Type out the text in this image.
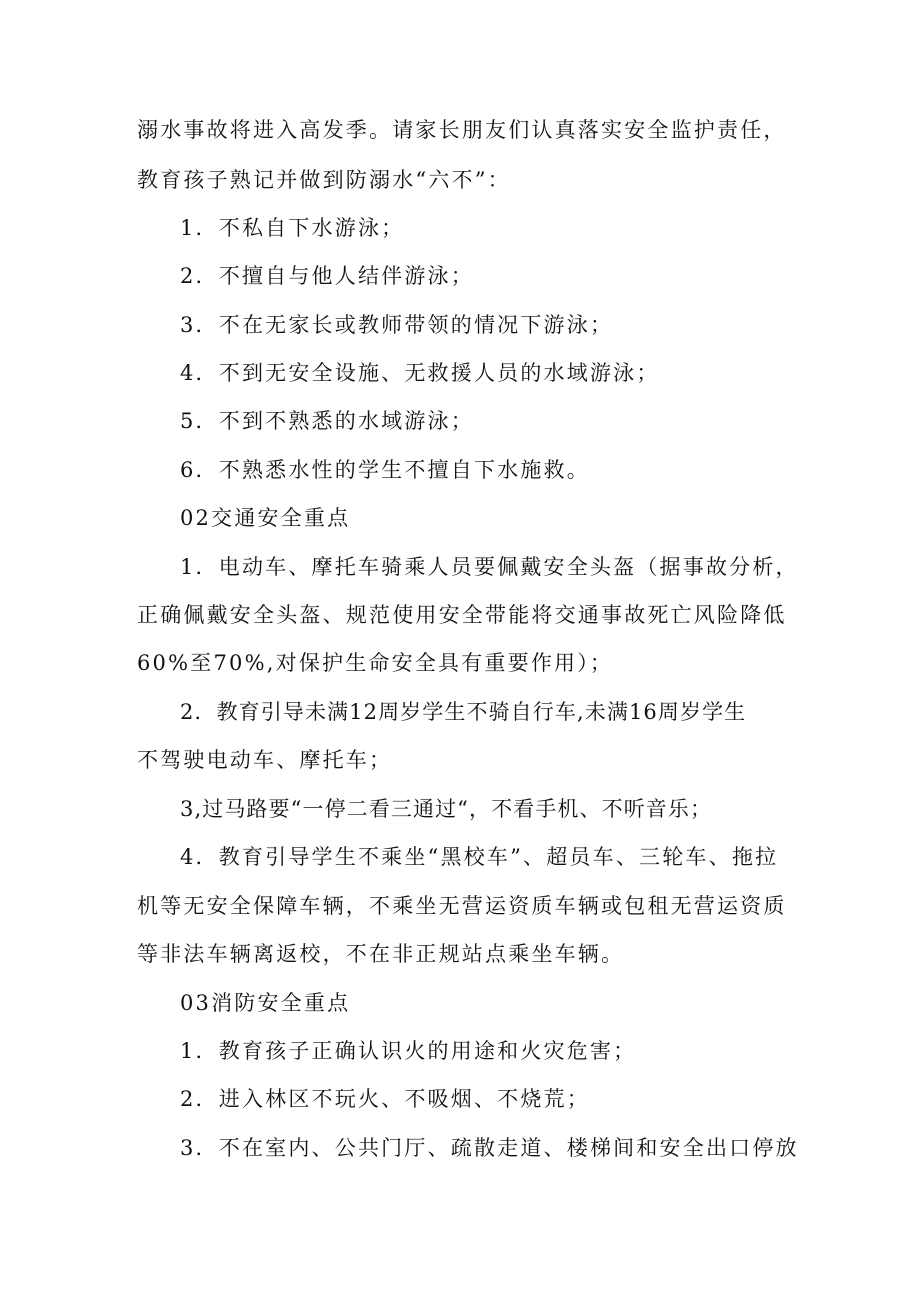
溺水事故将进入高发季。请家长朋友们认真落实安全监护责任，
教育孩子熟记并做到防溺水“六不”：
1．不私自下水游泳；
2．不擅自与他人结伴游泳；
3．不在无家长或教师带领的情况下游泳；
4．不到无安全设施、无救援人员的水域游泳；
5．不到不熟悉的水域游泳；
6．不熟悉水性的学生不擅自下水施救。
02交通安全重点
1．电动车、摩托车骑乘人员要佩戴安全头盔（据事故分析，
正确佩戴安全头盔、规范使用安全带能将交通事故死亡风险降低
60%至70%,对保护生命安全具有重要作用）；
2．教育引导未满12周岁学生不骑自行车,未满16周岁学生
不驾驶电动车、摩托车；
3,过马路要“一停二看三通过“，不看手机、不听音乐；
4．教育引导学生不乘坐“黑校车”、超员车、三轮车、拖拉
机等无安全保障车辆，不乘坐无营运资质车辆或包租无营运资质
等非法车辆离返校，不在非正规站点乘坐车辆。
03消防安全重点
1．教育孩子正确认识火的用途和火灾危害；
2．进入林区不玩火、不吸烟、不烧荒；
3．不在室内、公共门厅、疏散走道、楼梯间和安全出口停放
